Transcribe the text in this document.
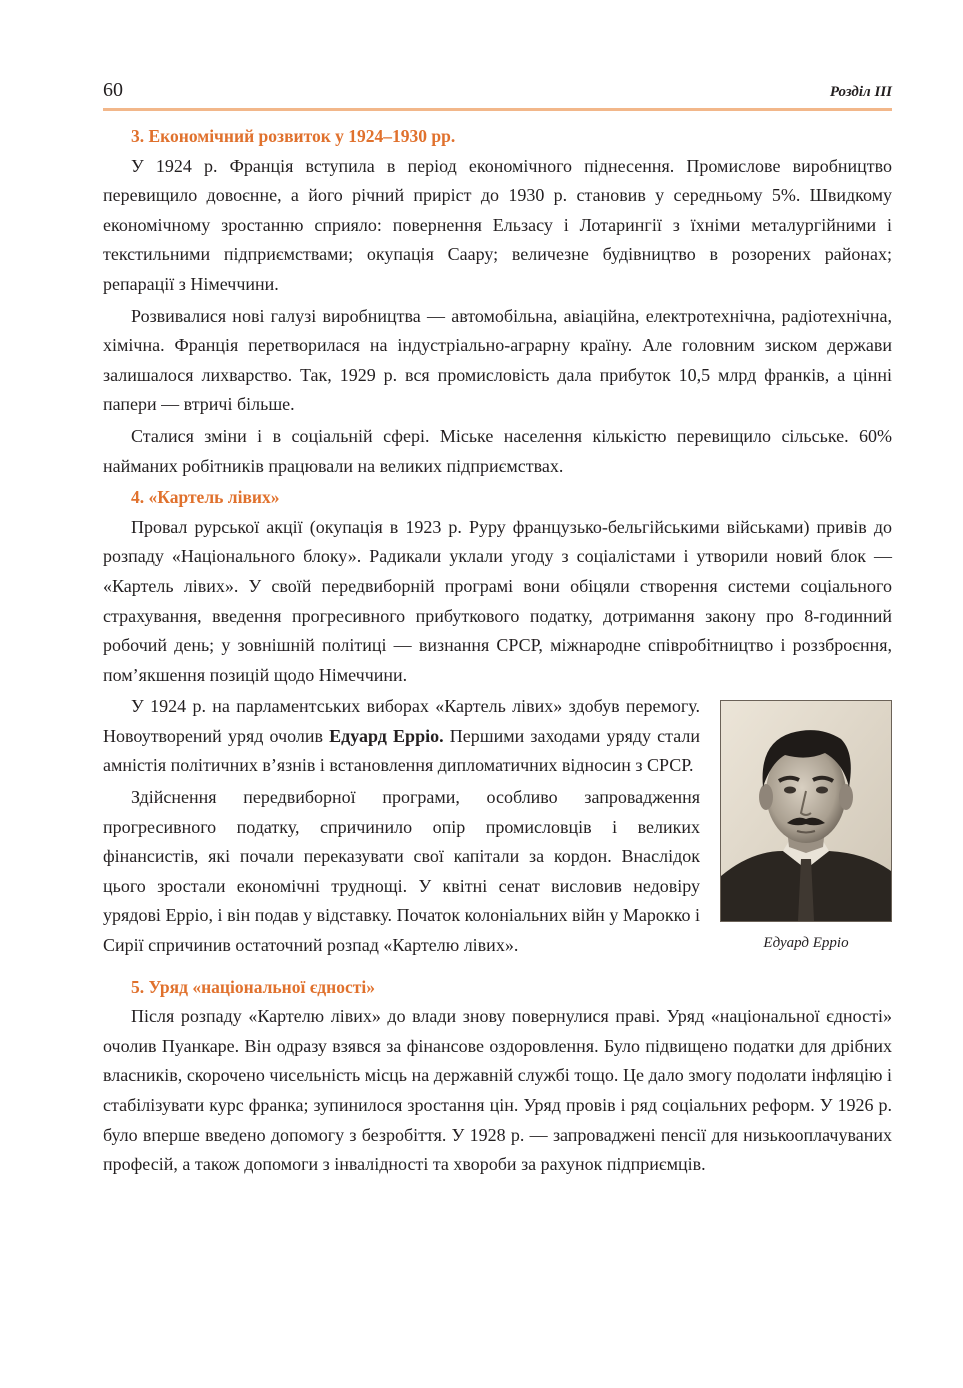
60	Розділ III
3. Економічний розвиток у 1924–1930 рр.

У 1924 р. Франція вступила в період економічного піднесення. Промислове виробництво перевищило довоєнне, а його річний приріст до 1930 р. становив у середньому 5%. Швидкому економічному зростанню сприяло: повернення Ельзасу і Лотарингії з їхніми металургійними і текстильними підприємствами; окупація Саару; величезне будівництво в розорених районах; репарації з Німеччини.

Розвивалися нові галузі виробництва — автомобільна, авіаційна, електротехнічна, радіотехнічна, хімічна. Франція перетворилася на індустріально-аграрну країну. Але головним зиском держави залишалося лихварство. Так, 1929 р. вся промисловість дала прибуток 10,5 млрд франків, а цінні папери — втричі більше.

Сталися зміни і в соціальній сфері. Міське населення кількістю перевищило сільське. 60% найманих робітників працювали на великих підприємствах.

4. «Картель лівих»

Провал рурської акції (окупація в 1923 р. Руру французько-бельгійськими військами) привів до розпаду «Національного блоку». Радикали уклали угоду з соціалістами і утворили новий блок — «Картель лівих». У своїй передвиборній програмі вони обіцяли створення системи соціального страхування, введення прогресивного прибуткового податку, дотримання закону про 8-годинний робочий день; у зовнішній політиці — визнання СРСР, міжнародне співробітництво і роззброєння, пом’якшення позицій щодо Німеччини.

Едуард Ерріо

У 1924 р. на парламентських виборах «Картель лівих» здобув перемогу. Новоутворений уряд очолив Едуард Ерріо. Першими заходами уряду стали амністія політичних в’язнів і встановлення дипломатичних відносин з СРСР.

Здійснення передвиборної програми, особливо запровадження прогресивного податку, спричинило опір промисловців і великих фінансистів, які почали переказувати свої капітали за кордон. Внаслідок цього зростали економічні труднощі. У квітні сенат висловив недовіру урядові Ерріо, і він подав у відставку. Початок колоніальних війн у Марокко і Сирії спричинив остаточний розпад «Картелю лівих».

5. Уряд «національної єдності»

Після розпаду «Картелю лівих» до влади знову повернулися праві. Уряд «національної єдності» очолив Пуанкаре. Він одразу взявся за фінансове оздоровлення. Було підвищено податки для дрібних власників, скорочено чисельність місць на державній службі тощо. Це дало змогу подолати інфляцію і стабілізувати курс франка; зупинилося зростання цін. Уряд провів і ряд соціальних реформ. У 1926 р. було вперше введено допомогу з безробіття. У 1928 р. — запроваджені пенсії для низькооплачуваних професій, а також допомоги з інвалідності та хвороби за рахунок підприємців.
